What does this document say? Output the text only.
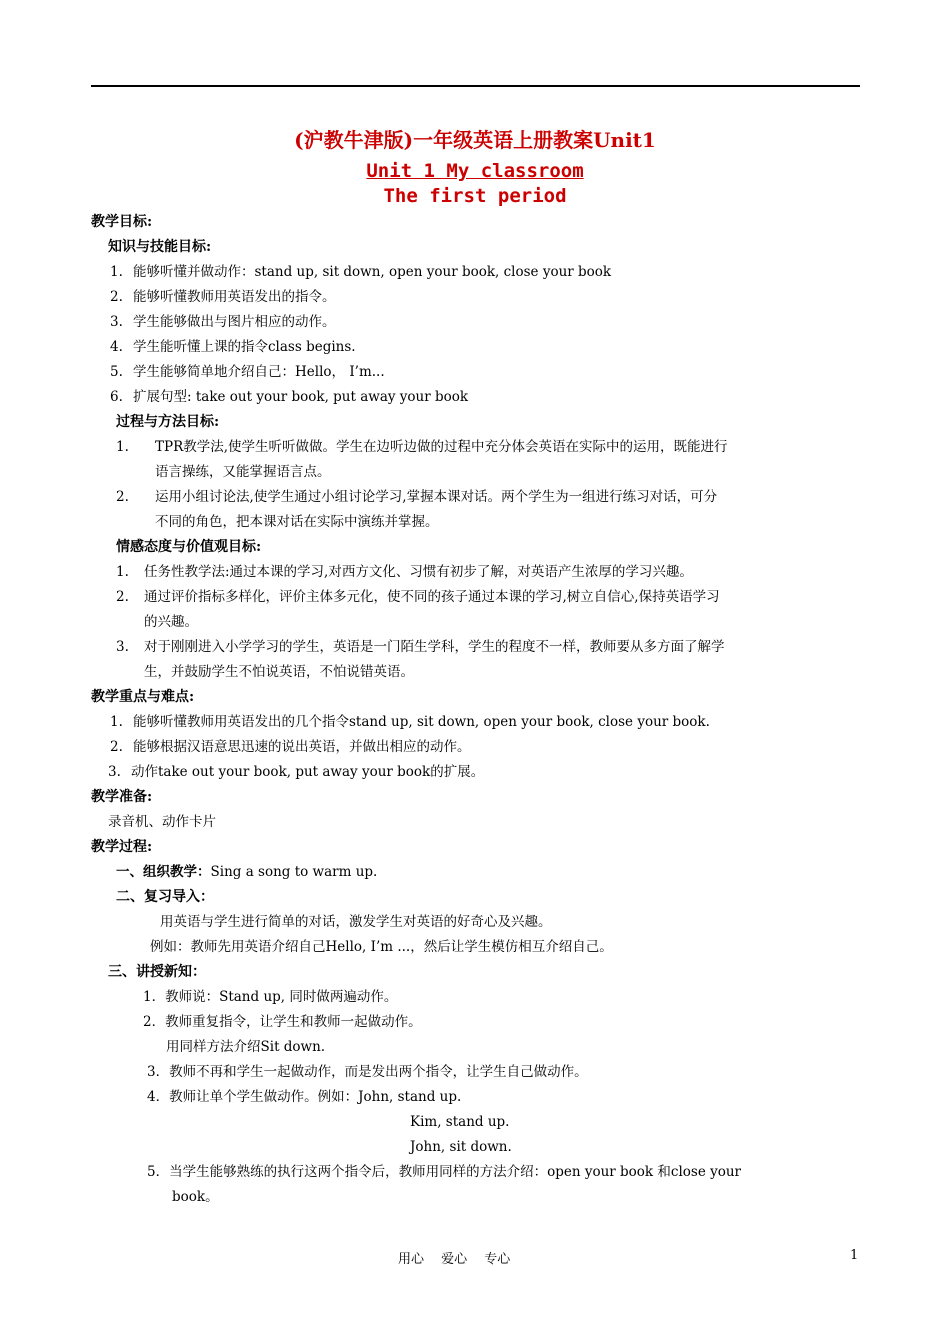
(沪教牛津版)一年级英语上册教案Unit1
Unit 1 My classroom
The first period
教学目标:
知识与技能目标:
1. 能够听懂并做动作：stand up, sit down, open your book, close your book
2. 能够听懂教师用英语发出的指令。
3. 学生能够做出与图片相应的动作。
4. 学生能听懂上课的指令class begins.
5. 学生能够简单地介绍自己：Hello， I’m...
6. 扩展句型: take out your book, put away your book
过程与方法目标:
1. TPR教学法,使学生听听做做。学生在边听边做的过程中充分体会英语在实际中的运用，既能进行
语言操练，又能掌握语言点。
2. 运用小组讨论法,使学生通过小组讨论学习,掌握本课对话。两个学生为一组进行练习对话，可分
不同的角色，把本课对话在实际中演练并掌握。
情感态度与价值观目标:
1. 任务性教学法:通过本课的学习,对西方文化、习惯有初步了解，对英语产生浓厚的学习兴趣。
2. 通过评价指标多样化，评价主体多元化，使不同的孩子通过本课的学习,树立自信心,保持英语学习
的兴趣。
3. 对于刚刚进入小学学习的学生，英语是一门陌生学科，学生的程度不一样，教师要从多方面了解学
生，并鼓励学生不怕说英语，不怕说错英语。
教学重点与难点:
1. 能够听懂教师用英语发出的几个指令stand up, sit down, open your book, close your book.
2. 能够根据汉语意思迅速的说出英语，并做出相应的动作。
3. 动作take out your book, put away your book的扩展。
教学准备:
录音机、动作卡片
教学过程:
一、组织教学：Sing a song to warm up.
二、复习导入：
用英语与学生进行简单的对话，激发学生对英语的好奇心及兴趣。
例如：教师先用英语介绍自己Hello, I’m ...，然后让学生模仿相互介绍自己。
三、讲授新知：
1．教师说：Stand up, 同时做两遍动作。
2．教师重复指令，让学生和教师一起做动作。
用同样方法介绍Sit down.
3．教师不再和学生一起做动作，而是发出两个指令，让学生自己做动作。
4．教师让单个学生做动作。例如：John, stand up.
Kim, stand up.
John, sit down.
5．当学生能够熟练的执行这两个指令后，教师用同样的方法介绍：open your book 和close your
book。
用心　 爱心　 专心	1
